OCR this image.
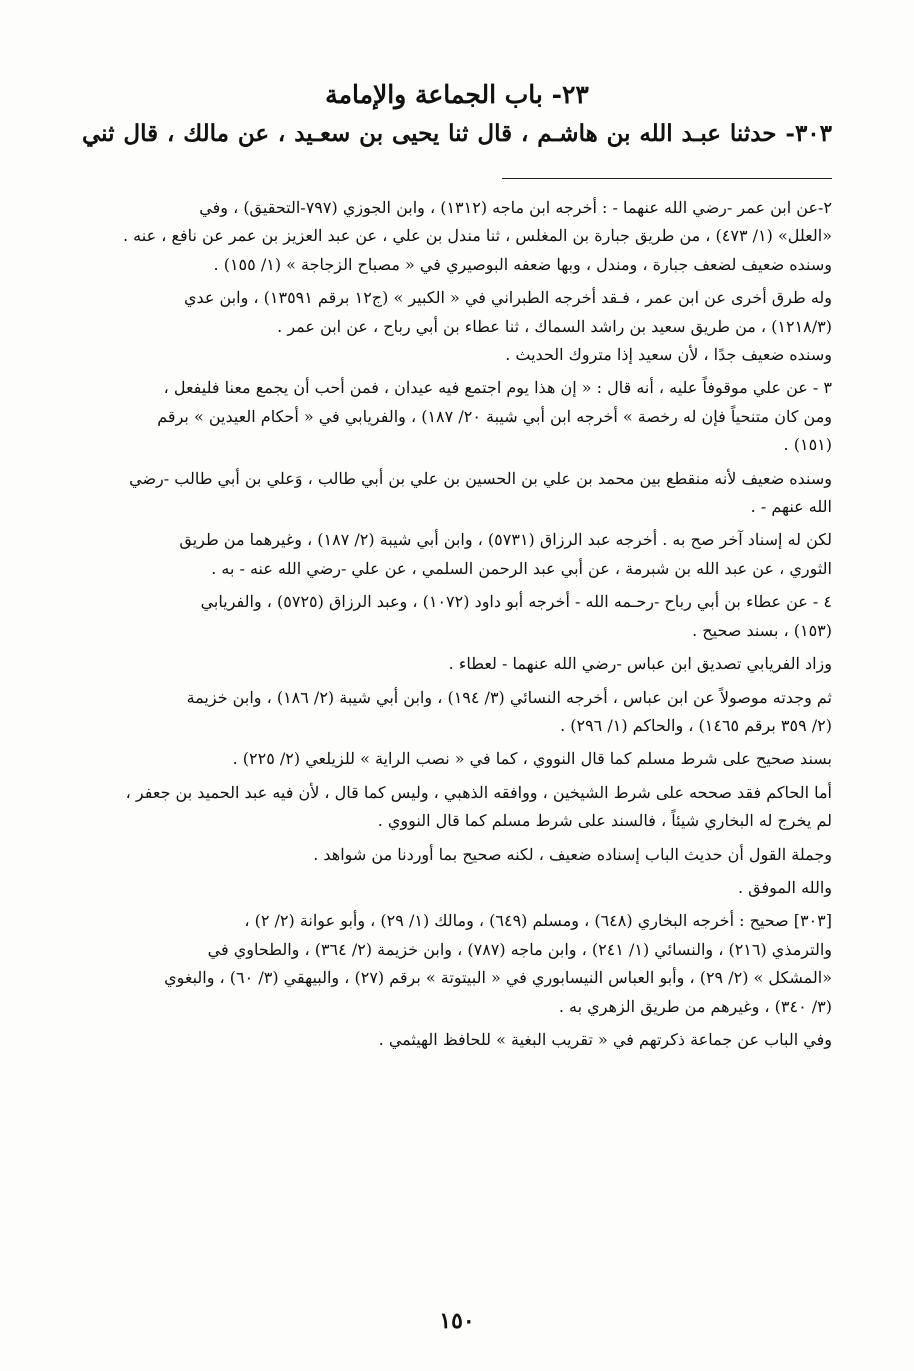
٢٣- باب الجماعة والإمامة
٣٠٣- حدثنا عبـد الله بن هاشـم ، قال ثنا يحيى بن سعـيد ، عن مالك ، قال ثني
٢-عن ابن عمر -رضي الله عنهما - : أخرجه ابن ماجه (١٣١٢) ، وابن الجوزي (٧٩٧-التحقيق) ، وفي
«العلل» (١/ ٤٧٣) ، من طريق جبارة بن المغلس ، ثنا مندل بن علي ، عن عبد العزيز بن عمر عن نافع ، عنه .
وسنده ضعيف لضعف جبارة ، ومندل ، وبها ضعفه البوصيري في « مصباح الزجاجة » (١/ ١٥٥) .
وله طرق أخرى عن ابن عمر ، فـقد أخرجه الطبراني في « الكبير » (ج١٢ برقم ١٣٥٩١) ، وابن عدي
(١٢١٨/٣) ، من طريق سعيد بن راشد السماك ، ثنا عطاء بن أبي رباح ، عن ابن عمر .
وسنده ضعيف جدًا ، لأن سعيد إذا متروك الحديث .
٣ - عن علي موقوفاً عليه ، أنه قال : « إن هذا يوم اجتمع فيه عيدان ، فمن أحب أن يجمع معنا فليفعل ،
ومن كان متنحياً فإن له رخصة » أخرجه ابن أبي شيبة ٢٠/ ١٨٧) ، والفريابي في « أحكام العيدين » برقم
(١٥١) .
وسنده ضعيف لأنه منقطع بين محمد بن علي بن الحسين بن علي بن أبي طالب ، وَعلي بن أبي طالب -رضي
الله عنهم - .
لكن له إسناد آخر صح به . أخرجه عبد الرزاق (٥٧٣١) ، وابن أبي شيبة (٢/ ١٨٧) ، وغيرهما من طريق
الثوري ، عن عبد الله بن شبرمة ، عن أبي عبد الرحمن السلمي ، عن علي -رضي الله عنه - به .
٤ - عن عطاء بن أبي رباح -رحـمه الله - أخرجه أبو داود (١٠٧٢) ، وعبد الرزاق (٥٧٢٥) ، والفريابي
(١٥٣) ، بسند صحيح .
وزاد الفريابي تصديق ابن عباس -رضي الله عنهما - لعطاء .
ثم وجدته موصولاً عن ابن عباس ، أخرجه النسائي (٣/ ١٩٤) ، وابن أبي شيبة (٢/ ١٨٦) ، وابن خزيمة
(٢/ ٣٥٩ برقم ١٤٦٥) ، والحاكم (١/ ٢٩٦) .
بسند صحيح على شرط مسلم كما قال النووي ، كما في « نصب الراية » للزيلعي (٢/ ٢٢٥) .
أما الحاكم فقد صححه على شرط الشيخين ، ووافقه الذهبي ، وليس كما قال ، لأن فيه عبد الحميد بن جعفر ،
لم يخرج له البخاري شيئاً ، فالسند على شرط مسلم كما قال النووي .
وجملة القول أن حديث الباب إسناده ضعيف ، لكنه صحيح بما أوردنا من شواهد .
والله الموفق .
[٣٠٣] صحيح : أخرجه البخاري (٦٤٨) ، ومسلم (٦٤٩) ، ومالك (١/ ٢٩) ، وأبو عوانة (٢/ ٢) ،
والترمذي (٢١٦) ، والنسائي (١/ ٢٤١) ، وابن ماجه (٧٨٧) ، وابن خزيمة (٢/ ٣٦٤) ، والطحاوي في
«المشكل » (٢/ ٢٩) ، وأبو العباس النيسابوري في « البيتوتة » برقم (٢٧) ، والبيهقي (٣/ ٦٠) ، والبغوي
(٣/ ٣٤٠) ، وغيرهم من طريق الزهري به .
وفي الباب عن جماعة ذكرتهم في « تقريب البغية » للحافظ الهيثمي .
١٥٠
